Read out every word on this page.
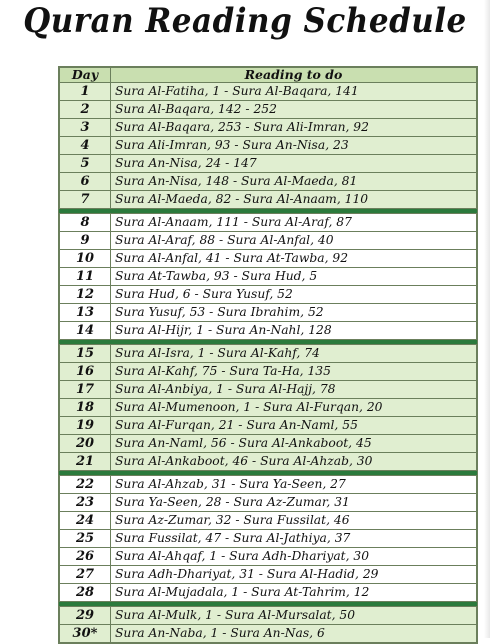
Quran Reading Schedule
Day	Reading to do
1	Sura Al-Fatiha, 1 - Sura Al-Baqara, 141
2	Sura Al-Baqara, 142 - 252
3	Sura Al-Baqara, 253 - Sura Ali-Imran, 92
4	Sura Ali-Imran, 93 - Sura An-Nisa, 23
5	Sura An-Nisa, 24 - 147
6	Sura An-Nisa, 148 - Sura Al-Maeda, 81
7	Sura Al-Maeda, 82 - Sura Al-Anaam, 110

8	Sura Al-Anaam, 111 - Sura Al-Araf, 87
9	Sura Al-Araf, 88 - Sura Al-Anfal, 40
10	Sura Al-Anfal, 41 - Sura At-Tawba, 92
11	Sura At-Tawba, 93 - Sura Hud, 5
12	Sura Hud, 6 - Sura Yusuf, 52
13	Sura Yusuf, 53 - Sura Ibrahim, 52
14	Sura Al-Hijr, 1 - Sura An-Nahl, 128

15	Sura Al-Isra, 1 - Sura Al-Kahf, 74
16	Sura Al-Kahf, 75 - Sura Ta-Ha, 135
17	Sura Al-Anbiya, 1 - Sura Al-Hajj, 78
18	Sura Al-Mumenoon, 1 - Sura Al-Furqan, 20
19	Sura Al-Furqan, 21 - Sura An-Naml, 55
20	Sura An-Naml, 56 - Sura Al-Ankaboot, 45
21	Sura Al-Ankaboot, 46 - Sura Al-Ahzab, 30

22	Sura Al-Ahzab, 31 - Sura Ya-Seen, 27
23	Sura Ya-Seen, 28 - Sura Az-Zumar, 31
24	Sura Az-Zumar, 32 - Sura Fussilat, 46
25	Sura Fussilat, 47 - Sura Al-Jathiya, 37
26	Sura Al-Ahqaf, 1 - Sura Adh-Dhariyat, 30
27	Sura Adh-Dhariyat, 31 - Sura Al-Hadid, 29
28	Sura Al-Mujadala, 1 - Sura At-Tahrim, 12

29	Sura Al-Mulk, 1 - Sura Al-Mursalat, 50
30*	Sura An-Naba, 1 - Sura An-Nas, 6
